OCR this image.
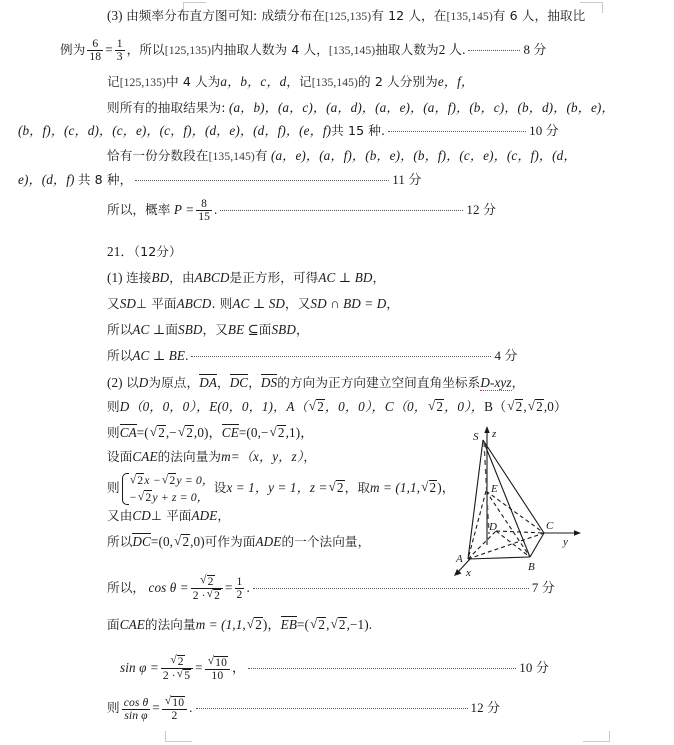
(3) 由频率分布直方图可知: 成绩分布在[125,135)有 12 人，在[135,145)有 6 人，抽取比
例为 $\frac{6}{18} = \frac{1}{3}$ ，所以[125,135)内抽取人数为 4 人，[135,145)抽取人数为2 人.	8 分
记[125,135)中 4 人为a，b，c，d，记[135,145)的 2 人分别为e，f，
则所有的抽取结果为: (a，b)，(a，c)，(a，d)，(a，e)，(a，f)，(b，c)，(b，d)，(b，e)，
(b，f)，(c，d)，(c，e)，(c，f)，(d，e)，(d，f)，(e，f)共 15 种.	10 分
恰有一份分数段在[135,145)有 (a，e)，(a，f)，(b，e)，(b，f)，(c，e)，(c，f)，(d，
e)，(d，f) 共 8 种，	11 分
所以，概率 $P = \frac{8}{15}$ .	12 分
21．（12分）
(1) 连接BD，由ABCD是正方形，可得AC ⊥ BD，
又SD⊥ 平面ABCD. 则AC ⊥ SD，又SD ∩ BD = D，
所以AC ⊥面SBD，又BE ⊆面SBD，
所以AC ⊥ BE.	4 分
(2) 以D为原点，DA，DC，DS的方向为正方向建立空间直角坐标系D-xyz，
则D（0，0，0），E(0，0，1)，A（ √ 2，0，0），C（0， √ 2，0），B（ √ 2, √ 2,0）
则CA=( √ 2,− √ 2,0)，CE=(0,− √ 2,1)，
设面CAE的法向量为m=（x，y，z），
则
√ 2x − √ 2y = 0，
− √ 2y + z = 0，
设x = 1，y = 1，z = √ 2，取m = (1,1, √ 2)，
又由CD⊥ 平面ADE，
所以DC=(0, √ 2,0)可作为面ADE的一个法向量，
所以， cos θ = √ $\frac{2}{2 \cdot √ 2} = \frac{1}{2}$ .	7 分
面CAE的法向量m = (1,1, √ 2)，EB=( √ 2, √ 2,−1).
sin φ = √ $\frac{2}{2 \cdot √ 5}$ = √ $\frac{10}{10}$ ，	10 分
则 $\frac{\text{cos θ}}{\text{sin φ}}$ = √ $\frac{10}{2}$ .	12 分
S z
E
D	C
A
B
y
x
